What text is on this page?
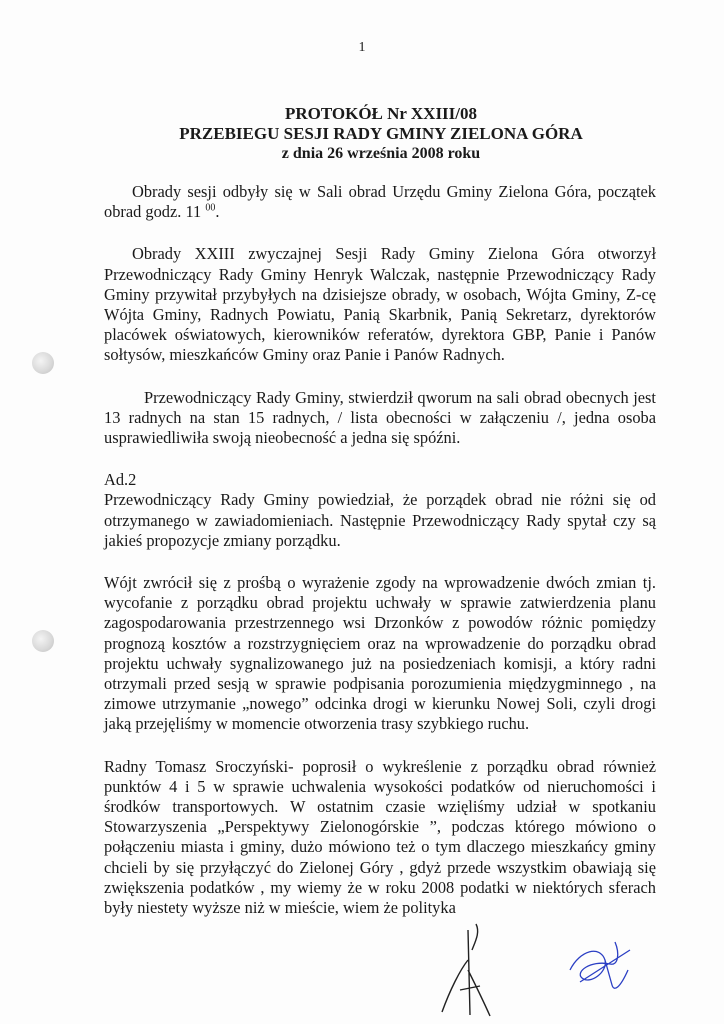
1
PROTOKÓŁ Nr XXIII/08
PRZEBIEGU SESJI RADY GMINY ZIELONA GÓRA
z dnia 26 września 2008 roku

Obrady sesji odbyły się w Sali obrad Urzędu Gminy Zielona Góra, początek obrad godz. 11 $^{00}$.

Obrady XXIII zwyczajnej Sesji Rady Gminy Zielona Góra otworzył Przewodniczący Rady Gminy Henryk Walczak, następnie Przewodniczący Rady Gminy przywitał przybyłych na dzisiejsze obrady, w osobach, Wójta Gminy, Z-cę Wójta Gminy, Radnych Powiatu, Panią Skarbnik, Panią Sekretarz, dyrektorów placówek oświatowych, kierowników referatów, dyrektora GBP, Panie i Panów sołtysów, mieszkańców Gminy oraz Panie i Panów Radnych.

Przewodniczący Rady Gminy, stwierdził qworum na sali obrad obecnych jest 13 radnych na stan 15 radnych, / lista obecności w załączeniu /, jedna osoba usprawiedliwiła swoją nieobecność a jedna się spóźni.

Ad.2

Przewodniczący Rady Gminy powiedział, że porządek obrad nie różni się od otrzymanego w zawiadomieniach. Następnie Przewodniczący Rady spytał czy są jakieś propozycje zmiany porządku.

Wójt zwrócił się z prośbą o wyrażenie zgody na wprowadzenie dwóch zmian tj. wycofanie z porządku obrad projektu uchwały w sprawie zatwierdzenia planu zagospodarowania przestrzennego wsi Drzonków z powodów różnic pomiędzy prognozą kosztów a rozstrzygnięciem oraz na wprowadzenie do porządku obrad projektu uchwały sygnalizowanego już na posiedzeniach komisji, a który radni otrzymali przed sesją w sprawie podpisania porozumienia międzygminnego , na zimowe utrzymanie „nowego” odcinka drogi w kierunku Nowej Soli, czyli drogi jaką przejęliśmy w momencie otworzenia trasy szybkiego ruchu.

Radny Tomasz Sroczyński- poprosił o wykreślenie z porządku obrad również punktów 4 i 5 w sprawie uchwalenia wysokości podatków od nieruchomości i środków transportowych. W ostatnim czasie wzięliśmy udział w spotkaniu Stowarzyszenia „Perspektywy Zielonogórskie ”, podczas którego mówiono o połączeniu miasta i gminy, dużo mówiono też o tym dlaczego mieszkańcy gminy chcieli by się przyłączyć do Zielonej Góry , gdyż przede wszystkim obawiają się zwiększenia podatków , my wiemy że w roku 2008 podatki w niektórych sferach były niestety wyższe niż w mieście, wiem że polityka
